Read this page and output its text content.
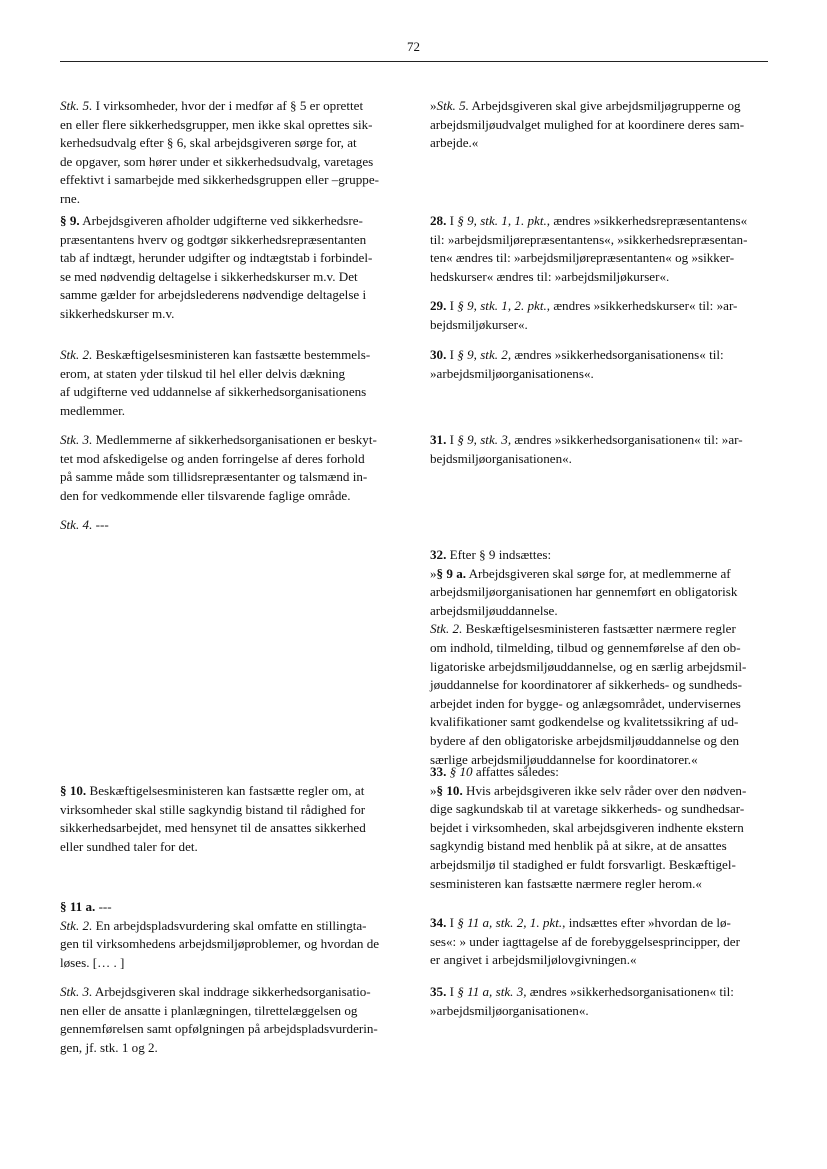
72

Stk. 5. I virksomheder, hvor der i medfør af § 5 er oprettet

en eller flere sikkerhedsgrupper, men ikke skal oprettes sik-

kerhedsudvalg efter § 6, skal arbejdsgiveren sørge for, at

de opgaver, som hører under et sikkerhedsudvalg, varetages

effektivt i samarbejde med sikkerhedsgruppen eller –gruppe-

rne.

§ 9. Arbejdsgiveren afholder udgifterne ved sikkerhedsre-

præsentantens hverv og godtgør sikkerhedsrepræsentanten

tab af indtægt, herunder udgifter og indtægtstab i forbindel-

se med nødvendig deltagelse i sikkerhedskurser m.v. Det

samme gælder for arbejdslederens nødvendige deltagelse i

sikkerhedskurser m.v.

Stk. 2. Beskæftigelsesministeren kan fastsætte bestemmels-

erom, at staten yder tilskud til hel eller delvis dækning

af udgifterne ved uddannelse af sikkerhedsorganisationens

medlemmer.

Stk. 3. Medlemmerne af sikkerhedsorganisationen er beskyt-

tet mod afskedigelse og anden forringelse af deres forhold

på samme måde som tillidsrepræsentanter og talsmænd in-

den for vedkommende eller tilsvarende faglige område.

Stk. 4. ---

§ 10. Beskæftigelsesministeren kan fastsætte regler om, at

virksomheder skal stille sagkyndig bistand til rådighed for

sikkerhedsarbejdet, med hensynet til de ansattes sikkerhed

eller sundhed taler for det.

§ 11 a. ---

Stk. 2. En arbejdspladsvurdering skal omfatte en stillingta-

gen til virksomhedens arbejdsmiljøproblemer, og hvordan de

løses. [… . ]

Stk. 3. Arbejdsgiveren skal inddrage sikkerhedsorganisatio-

nen eller de ansatte i planlægningen, tilrettelæggelsen og

gennemførelsen samt opfølgningen på arbejdspladsvurderin-

gen, jf. stk. 1 og 2.

»Stk. 5. Arbejdsgiveren skal give arbejdsmiljøgrupperne og

arbejdsmiljøudvalget mulighed for at koordinere deres sam-

arbejde.«

28. I § 9, stk. 1, 1. pkt., ændres »sikkerhedsrepræsentantens«

til: »arbejdsmiljørepræsentantens«, »sikkerhedsrepræsentan-

ten« ændres til: »arbejdsmiljørepræsentanten« og »sikker-

hedskurser« ændres til: »arbejdsmiljøkurser«.

29. I § 9, stk. 1, 2. pkt., ændres »sikkerhedskurser« til: »ar-

bejdsmiljøkurser«.

30. I § 9, stk. 2, ændres »sikkerhedsorganisationens« til:

»arbejdsmiljøorganisationens«.

31. I § 9, stk. 3, ændres »sikkerhedsorganisationen« til: »ar-

bejdsmiljøorganisationen«.

32. Efter § 9 indsættes:

»§ 9 a. Arbejdsgiveren skal sørge for, at medlemmerne af

arbejdsmiljøorganisationen har gennemført en obligatorisk

arbejdsmiljøuddannelse.

Stk. 2. Beskæftigelsesministeren fastsætter nærmere regler

om indhold, tilmelding, tilbud og gennemførelse af den ob-

ligatoriske arbejdsmiljøuddannelse, og en særlig arbejdsmil-

jøuddannelse for koordinatorer af sikkerheds- og sundheds-

arbejdet inden for bygge- og anlægsområdet, undervisernes

kvalifikationer samt godkendelse og kvalitetssikring af ud-

bydere af den obligatoriske arbejdsmiljøuddannelse og den

særlige arbejdsmiljøuddannelse for koordinatorer.«

33. § 10 affattes således:

»§ 10. Hvis arbejdsgiveren ikke selv råder over den nødven-

dige sagkundskab til at varetage sikkerheds- og sundhedsar-

bejdet i virksomheden, skal arbejdsgiveren indhente ekstern

sagkyndig bistand med henblik på at sikre, at de ansattes

arbejdsmiljø til stadighed er fuldt forsvarligt. Beskæftigel-

sesministeren kan fastsætte nærmere regler herom.«

34. I § 11 a, stk. 2, 1. pkt., indsættes efter »hvordan de lø-

ses«: » under iagttagelse af de forebyggelsesprincipper, der

er angivet i arbejdsmiljølovgivningen.«

35. I § 11 a, stk. 3, ændres »sikkerhedsorganisationen« til:

»arbejdsmiljøorganisationen«.
